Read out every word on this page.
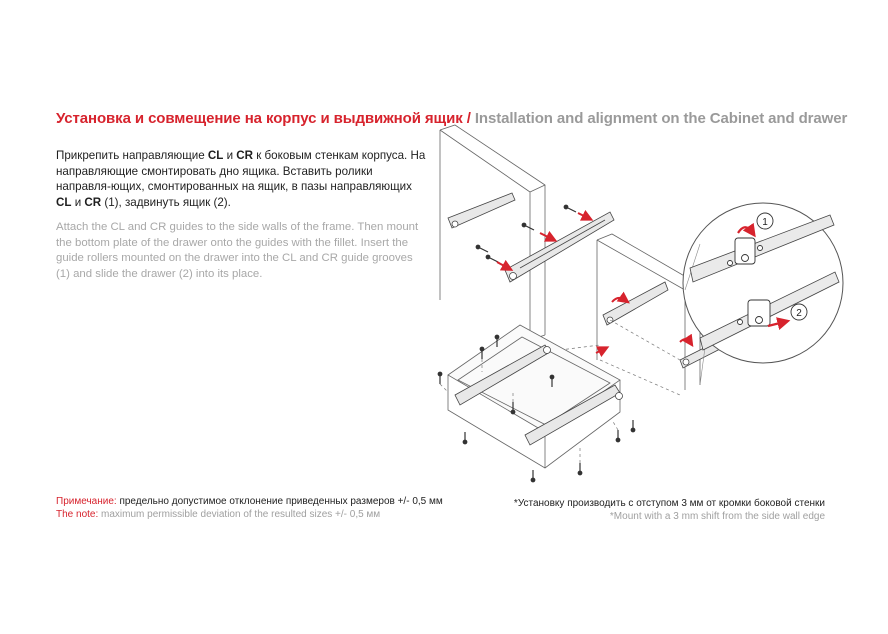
Установка и совмещение на корпус и выдвижной ящик / Installation and alignment on the Cabinet and drawer
Прикрепить направляющие CL и CR к боковым стенкам корпуса. На направляющие смонтировать дно ящика. Вставить ролики направля-ющих, смонтированных на ящик, в пазы направляющих CL и CR (1), задвинуть ящик (2).
Attach the CL and CR guides to the side walls of the frame. Then mount the bottom plate of the drawer onto the guides with the fillet. Insert the guide rollers mounted on the drawer into the CL and CR guide grooves (1) and slide the drawer (2) into its place.
1
2
Примечание: предельно допустимое отклонение приведенных размеров +/- 0,5 мм
The note: maximum permissible deviation of the resulted sizes +/- 0,5 мм
*Установку производить с отступом 3 мм от кромки боковой стенки
*Mount with a 3 mm shift from the side wall edge
